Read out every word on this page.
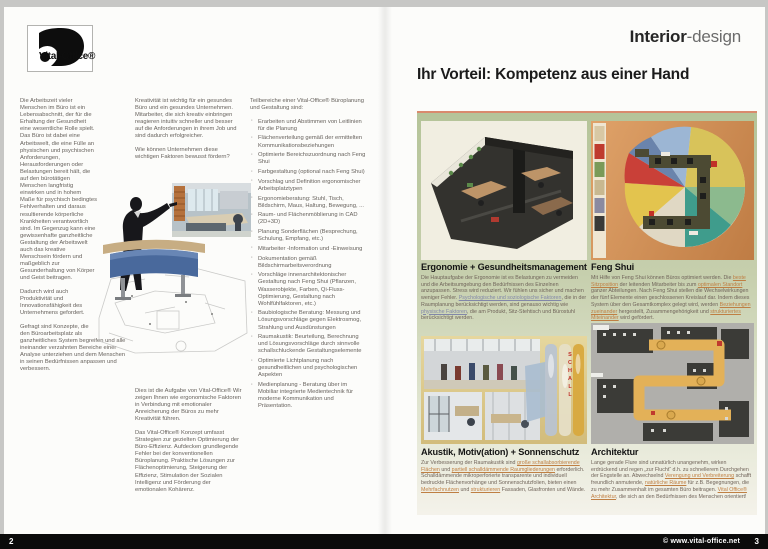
Vital-Office®

Die Arbeitszeit vieler Menschen im Büro ist ein Lebensabschnitt, der für die Erhaltung der Gesundheit eine wesentliche Rolle spielt. Das Büro ist dabei eine Arbeitswelt, die eine Fülle an physischen und psychischen Anforderungen, Herausforderungen oder Belastungen bereit hält, die auf den bürotätigen Menschen langfristig einwirken und in hohem Maße für psychisch bedingtes Fehlverhalten und daraus resultierende körperliche Krankheiten verantwortlich sind. Im Gegenzug kann eine gewissenhafte ganzheitliche Gestaltung der Arbeitswelt auch das kreative Menschsein fördern und maßgeblich zur Gesunderhaltung von Körper und Geist beitragen.

Dadurch wird auch Produktivität und Innovationsfähigkeit des Unternehmens gefordert.

Gefragt sind Konzepte, die den Büroarbeitsplatz als ganzheitliches System begreifen und alle ineinander verzahnten Bereiche einer Analyse unterziehen und dem Menschen in seinen Bedürfnissen anpassen und verbessern.

Kreativität ist wichtig für ein gesundes Büro und ein gesundes Unternehmen. Mitarbeiter, die sich kreativ einbringen reagieren intuitiv schneller und besser auf die Anforderungen in ihrem Job und sind dadurch erfolgreicher.

Wie können Unternehmen diese wichtigen Faktoren bewusst fördern?

Dies ist die Aufgabe von Vital-Office® Wir zeigen Ihnen wie ergonomische Faktoren in Verbindung mit emotionaler Anreicherung der Büros zu mehr Kreativität führen.

Das Vital-Office® Konzept umfasst Strategien zur gezielten Optimierung der Büro-Effizienz. Aufdecken grundlegende Fehler bei der konventionellen Büroplanung. Praktische Lösungen zur Flächenoptimierung, Steigerung der Effizienz, Stimulation der Sozialen Intelligenz und Förderung der emotionalen Kohärenz.

Teilbereiche einer Vital-Office® Büroplanung und Gestaltung sind:

· Erarbeiten und Abstimmen von Leitlinien für die Planung
· Flächenverteilung gemäß der ermittelten Kommunikationsbeziehungen
· Optimierte Bereichszuordnung nach Feng Shui
· Farbgestaltung (optional nach Feng Shui)
· Vorschlag und Definition ergonomischer Arbeitsplatztypen
· Ergonomieberatung: Stuhl, Tisch, Bildschirm, Maus, Haltung, Bewegung, ...
· Raum- und Flächenmöblierung in CAD (2D+3D)
· Planung Sonderflächen (Besprechung, Schulung, Empfang, etc.)
· Mitarbeiter -Information und -Einweisung
· Dokumentation gemäß Bildschirmarbeitsverordnung
· Vorschläge innenarchitektonischer Gestaltung nach Feng Shui (Pflanzen, Wasserobjekte, Farben, Qi-Fluss-Optimierung, Gestaltung nach Wohlfühlfaktoren, etc.)
· Baubiologische Beratung: Messung und Lösungsvorschläge gegen Elektrosmog, Strahlung und Ausdünstungen
· Raumakustik: Beurteilung, Berechnung und Lösungsvorschläge durch sinnvolle schallschluckende Gestaltungselemente
· Optimierte Lichtplanung nach gesundheitlichen und psychologischen Aspekten
· Medienplanung - Beratung über im Mobiliar integrierte Medientechnik für moderne Kommunikation und Präsentation.
Interior-design
Ihr Vorteil: Kompetenz aus einer Hand
Ergonomie + Gesundheitsmanagement Feng Shui
Die Hauptaufgabe der Ergonomie ist es Belastungen zu vermeiden und die Arbeitsumgebung den Bedürfnissen des Einzelnen anzupassen. Stress wird reduziert. Wir fühlen uns sicher und machen weniger Fehler. Psychologische und soziologische Faktoren, die in der Raumplanung berücksichtigt werden, sind genauso wichtig wie physische Faktoren, die am Produkt, Sitz-Stehtisch und Bürostuhl berücksichtigt werden.
Mit Hilfe von Feng Shui können Büros optimiert werden. Die beste Sitzposition der leitenden Mitarbeiter bis zum optimalen Standort ganzer Abteilungen. Nach Feng Shui stellen die Wechselwirkungen der fünf Elemente einen geschlossenen Kreislauf dar. Indem dieses System über den Gesamtkomplex gelegt wird, werden Beziehungen zueinander hergestellt, Zusammengehörigkeit und strukturiertes Miteinander wird gefördert.
SCHALL
Akustik, Motiv(ation) + Sonnenschutz Architektur
Zur Verbesserung der Raumakustik sind große schallabsorbierende Flächen und partiell schalldämmende Raumgliederungen erforderlich. Schalldämmende mikroperforierte transparente und individuell bedruckte Flächenvorhänge und Sonnenschutzfolien, bieten einen Mehrfachnutzen und strukturieren Fassaden, Glasfronten und Wände.
Lange gerade Flure sind unnatürlich unangenehm, wirken erdrückend und regen „zur Flucht“ d.h. zu schnellerem Durchgehen der Engstelle an. Abwechselnd Verengung und Verbreiterung schafft freundlich anmutende, natürliche Räume für z.B. Begegnungen, die zu mehr Zusammenhalt im gesamten Büro beitragen. Vital Office® Architektur, die sich an den Bedürfnissen des Menschen orientiert!
2	© www.vital-office.net 3
